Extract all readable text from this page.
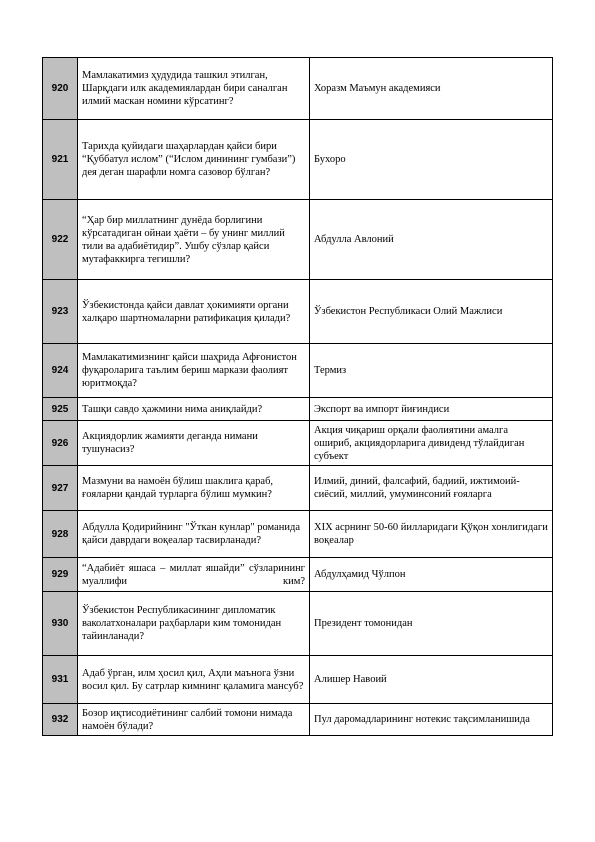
920	Мамлакатимиз ҳудудида ташкил этилган, Шарқдаги илк академиялардан бири саналган илмий маскан номини кўрсатинг?	Хоразм Маъмун академияси
921	Тарихда қуйидаги шаҳарлардан қайси бири “Қуббатул ислом” (“Ислом динининг гумбази”) дея деган шарафли номга сазовор бўлган?	Бухоро
922	“Ҳар бир миллатнинг дунёда борлигини кўрсатадиган ойнаи ҳаёти – бу унинг миллий тили ва адабиётидир”. Ушбу сўзлар қайси мутафаккирга тегишли?	Абдулла Авлоний
923	Ўзбекистонда қайси давлат ҳокимияти органи халқаро шартномаларни ратификация қилади?	Ўзбекистон Республикаси Олий Мажлиси
924	Мамлакатимизнинг қайси шаҳрида Афғонистон фуқароларига таълим бериш маркази фаолият юритмоқда?	Термиз
925	Ташқи савдо ҳажмини нима аниқлайди?	Экспорт ва импорт йиғиндиси
926	Акциядорлик жамияти деганда нимани тушунасиз?	Акция чиқариш орқали фаолиятини амалга ошириб, акциядорларига дивиденд тўлайдиган субъект
927	Мазмуни ва намоён бўлиш шаклига қараб, ғояларни қандай турларга бўлиш мумкин?	Илмий, диний, фалсафий, бадиий, ижтимоий-сиёсий, миллий, умуминсоний ғояларга
928	Абдулла Қодирийнинг "Ўткан кунлар" романида қайси даврдаги воқеалар тасвирланади?	XIX асрнинг 50-60 йилларидаги Қўқон хонлигидаги воқеалар
929	“Адабиёт яшаса – миллат яшайди” сўзларининг муаллифи ким?	Абдулҳамид Чўлпон
930	Ўзбекистон Республикасининг дипломатик ваколатхоналари раҳбарлари ким томонидан тайинланади?	Президент томонидан
931	Адаб ўрган, илм ҳосил қил, Аҳли маънога ўзни восил қил. Бу сатрлар кимнинг қаламига мансуб?	Алишер Навоий
932	Бозор иқтисодиётининг салбий томони нимада намоён бўлади?	Пул даромадларининг нотекис тақсимланишида
